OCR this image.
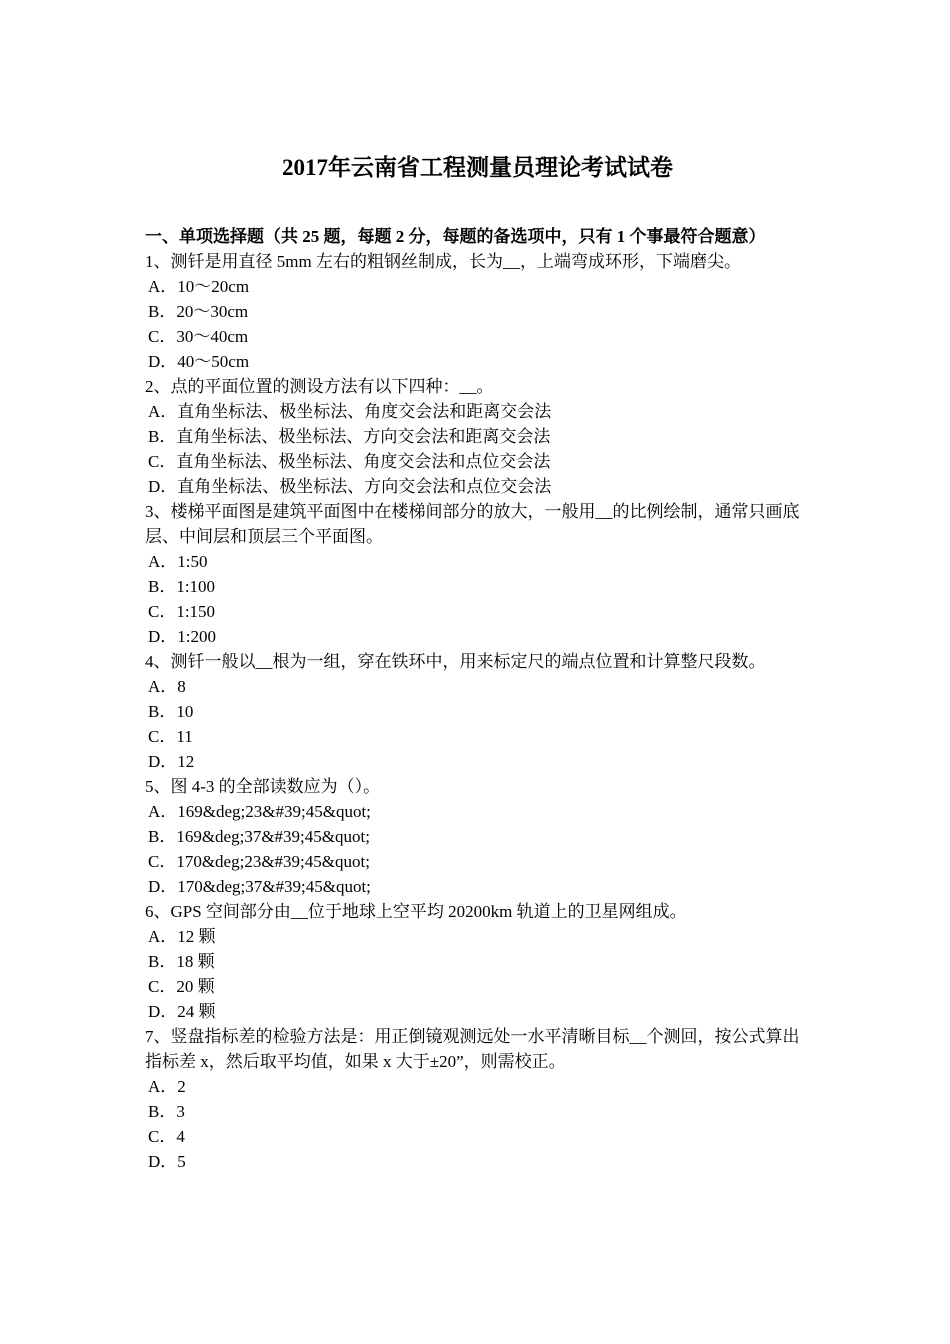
2017年云南省工程测量员理论考试试卷
一、单项选择题（共 25 题，每题 2 分，每题的备选项中，只有 1 个事最符合题意）
1、测钎是用直径 5mm 左右的粗钢丝制成，长为__，上端弯成环形，下端磨尖。
A．10～20cm
B．20～30cm
C．30～40cm
D．40～50cm
2、点的平面位置的测设方法有以下四种：__。
A．直角坐标法、极坐标法、角度交会法和距离交会法
B．直角坐标法、极坐标法、方向交会法和距离交会法
C．直角坐标法、极坐标法、角度交会法和点位交会法
D．直角坐标法、极坐标法、方向交会法和点位交会法
3、楼梯平面图是建筑平面图中在楼梯间部分的放大，一般用__的比例绘制，通常只画底层、中间层和顶层三个平面图。
A．1:50
B．1:100
C．1:150
D．1:200
4、测钎一般以__根为一组，穿在铁环中，用来标定尺的端点位置和计算整尺段数。
A．8
B．10
C．11
D．12
5、图 4-3 的全部读数应为（）。
A．169&deg;23&#39;45&quot;
B．169&deg;37&#39;45&quot;
C．170&deg;23&#39;45&quot;
D．170&deg;37&#39;45&quot;
6、GPS 空间部分由__位于地球上空平均 20200km 轨道上的卫星网组成。
A．12 颗
B．18 颗
C．20 颗
D．24 颗
7、竖盘指标差的检验方法是：用正倒镜观测远处一水平清晰目标__个测回，按公式算出指标差 x，然后取平均值，如果 x 大于±20”，则需校正。
A．2
B．3
C．4
D．5
